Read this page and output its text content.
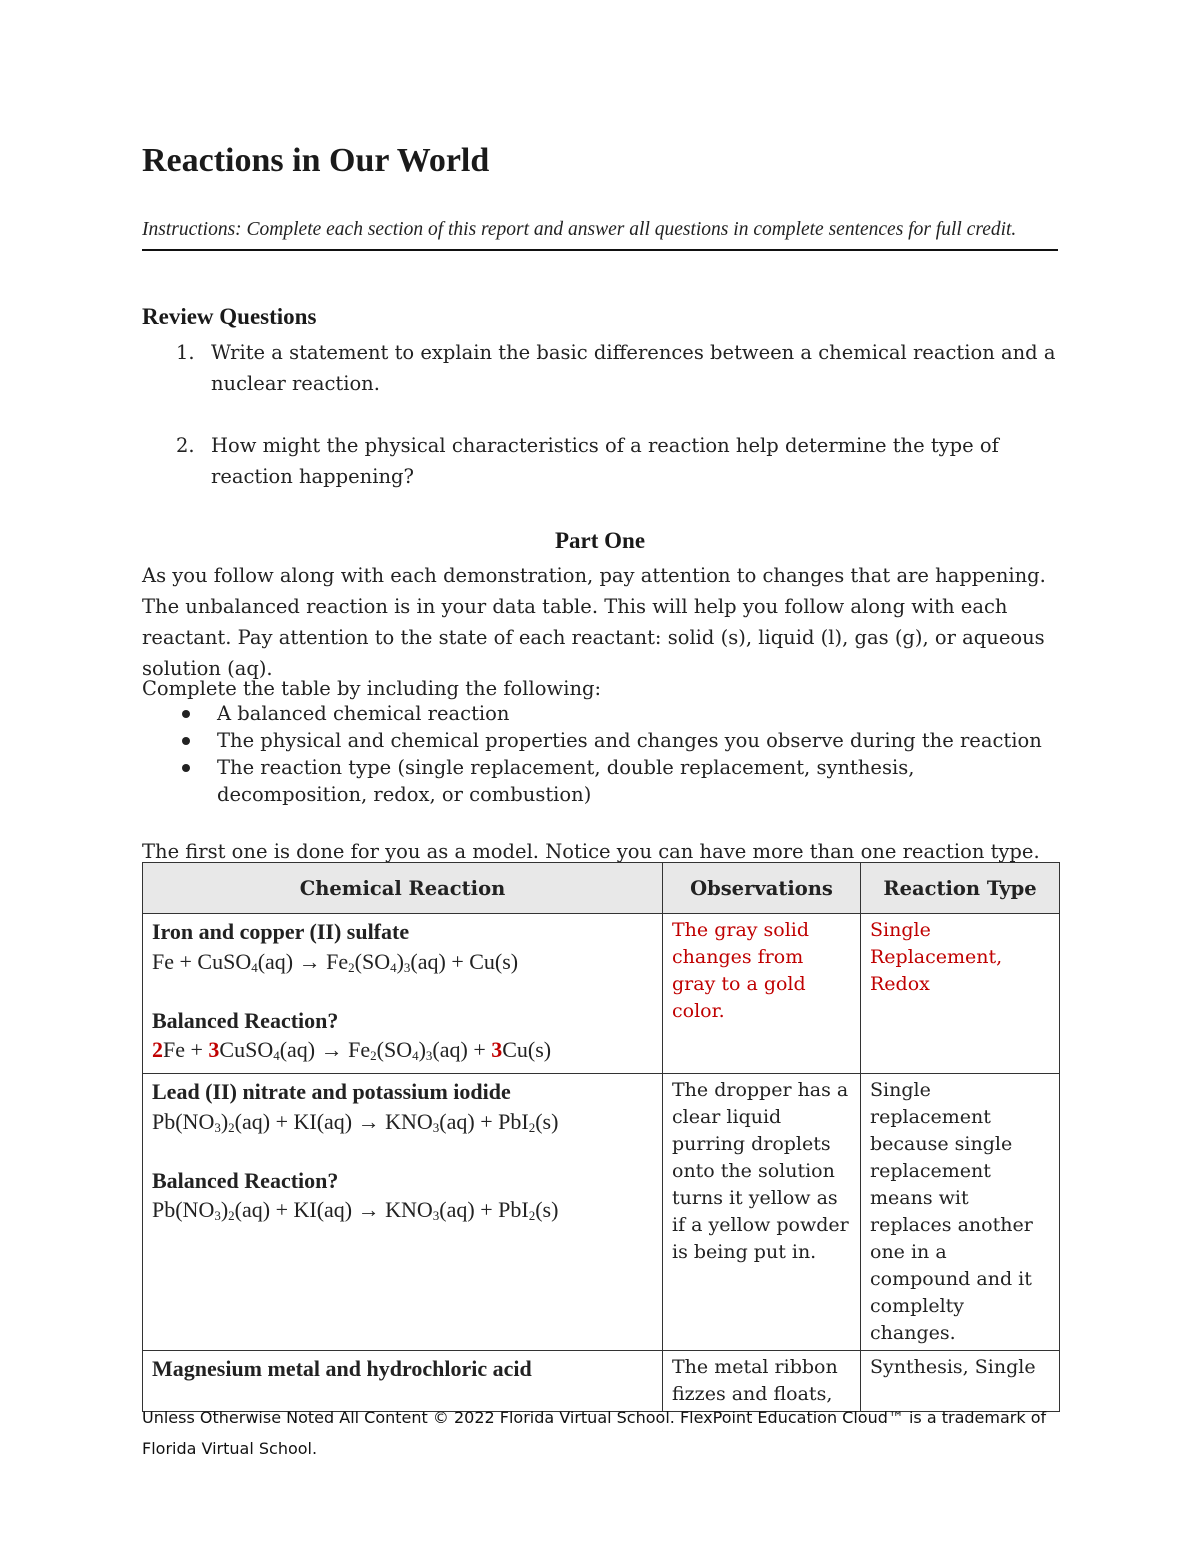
Reactions in Our World

Instructions: Complete each section of this report and answer all questions in complete sentences for full credit.

Review Questions
1. Write a statement to explain the basic differences between a chemical reaction and a nuclear reaction.
2. How might the physical characteristics of a reaction help determine the type of reaction happening?
Part One

As you follow along with each demonstration, pay attention to changes that are happening. The unbalanced reaction is in your data table. This will help you follow along with each reactant. Pay attention to the state of each reactant: solid (s), liquid (l), gas (g), or aqueous solution (aq).

Complete the table by including the following:

A balanced chemical reaction
The physical and chemical properties and changes you observe during the reaction
The reaction type (single replacement, double replacement, synthesis, decomposition, redox, or combustion)

The first one is done for you as a model. Notice you can have more than one reaction type.

Chemical Reaction	Observations	Reaction Type

Iron and copper (II) sulfate
Fe + CuSO$_4$(aq) → $Fe_2(SO_4)_3(aq) + Cu(s)$
Balanced Reaction?
2Fe + 3CuSO$_4$(aq) → $Fe_2(SO_4)_3(aq) + 3Cu(s)$	The gray solid changes from gray to a gold color.	Single Replacement, Redox

Lead (II) nitrate and potassium iodide
$Pb(NO_3)_2(aq) + KI(aq) \to KNO_3(aq) + PbI_2(s)$
Balanced Reaction?
$Pb(NO_3)_2(aq) + KI(aq) \to KNO_3(aq) + PbI_2(s)$	The dropper has a clear liquid purring droplets onto the solution turns it yellow as if a yellow powder is being put in.	Single replacement because single replacement means wit replaces another one in a compound and it complelty changes.

Magnesium metal and hydrochloric acid	The metal ribbon fizzes and floats,	Synthesis, Single

Unless Otherwise Noted All Content © 2022 Florida Virtual School. FlexPoint Education Cloud™ is a trademark of Florida Virtual School.
